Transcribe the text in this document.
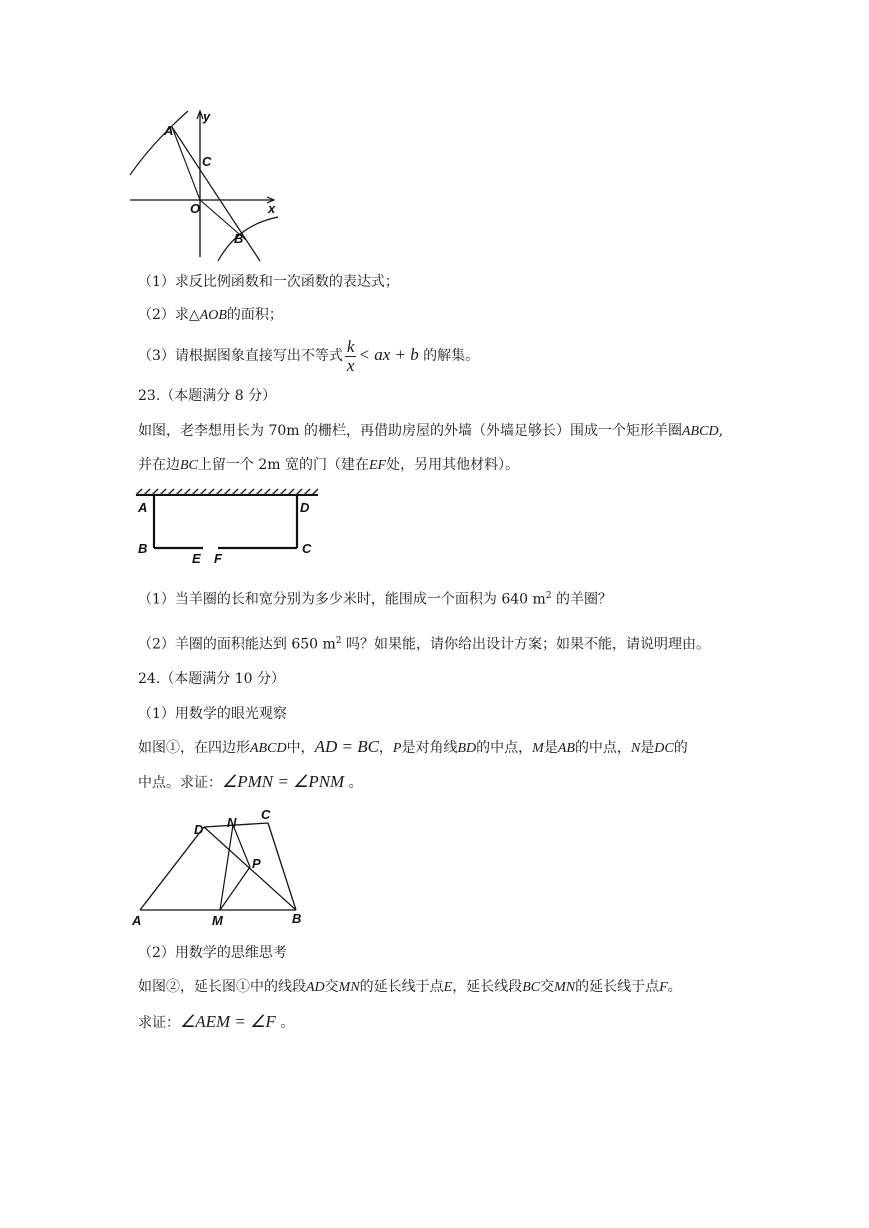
A
y
C
O	x
B
（1）求反比例函数和一次函数的表达式；
（2）求△AOB的面积；
（3）请根据图象直接写出不等式 $\frac{k}{x}$ < ax + b 的解集。
23.（本题满分 8 分）
如图，老李想用长为 70m 的栅栏，再借助房屋的外墙（外墙足够长）围成一个矩形羊圈ABCD,
并在边BC上留一个 2m 宽的门（建在EF处，另用其他材料）。
A	D
B
E F
C
（1）当羊圈的长和宽分别为多少米时，能围成一个面积为 640 $m^2$ 的羊圈？
（2）羊圈的面积能达到 650 $m^2$ 吗？如果能，请你给出设计方案；如果不能，请说明理由。
24.（本题满分 10 分）
（1）用数学的眼光观察
如图①，在四边形ABCD中，AD = BC，P是对角线BD的中点，M是AB的中点，N是DC的
中点。求证：∠PMN = ∠PNM 。
D N
C
P
A	M	B
（2）用数学的思维思考
如图②，延长图①中的线段AD交MN的延长线于点E，延长线段BC交MN的延长线于点F。
求证：∠AEM = ∠F 。
